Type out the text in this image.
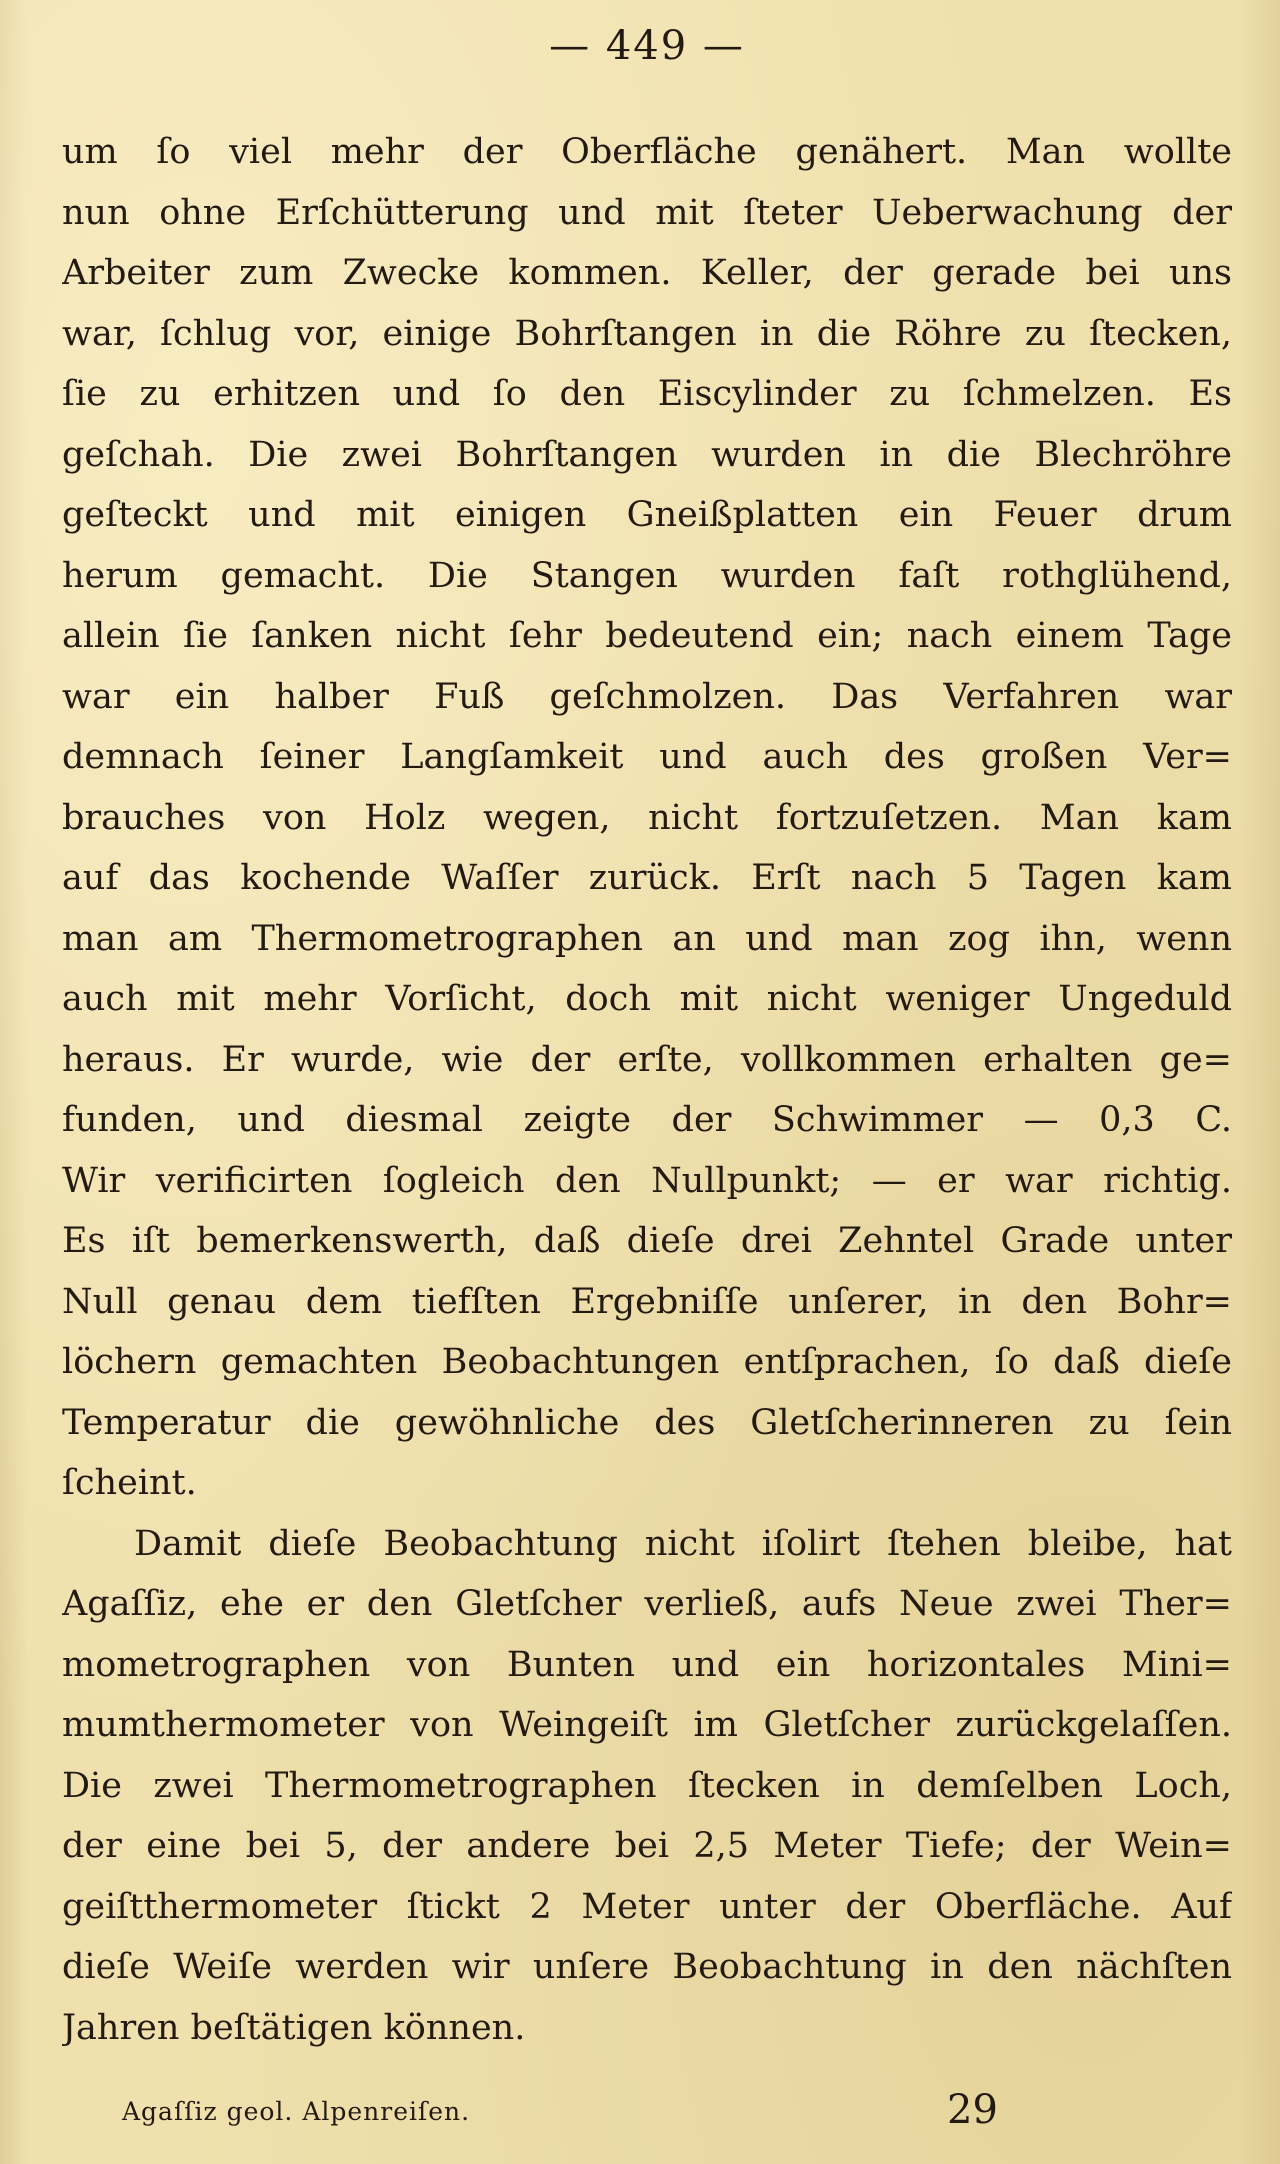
— 449 —
um ſo viel mehr der Oberfläche genähert. Man wollte
nun ohne Erſchütterung und mit ſteter Ueberwachung der
Arbeiter zum Zwecke kommen. Keller, der gerade bei uns
war, ſchlug vor, einige Bohrſtangen in die Röhre zu ſtecken,
ſie zu erhitzen und ſo den Eiscylinder zu ſchmelzen. Es
geſchah. Die zwei Bohrſtangen wurden in die Blechröhre
geſteckt und mit einigen Gneißplatten ein Feuer drum
herum gemacht. Die Stangen wurden faſt rothglühend,
allein ſie ſanken nicht ſehr bedeutend ein; nach einem Tage
war ein halber Fuß geſchmolzen. Das Verfahren war
demnach ſeiner Langſamkeit und auch des großen Ver=
brauches von Holz wegen, nicht fortzuſetzen. Man kam
auf das kochende Waſſer zurück. Erſt nach 5 Tagen kam
man am Thermometrographen an und man zog ihn, wenn
auch mit mehr Vorſicht, doch mit nicht weniger Ungeduld
heraus. Er wurde, wie der erſte, vollkommen erhalten ge=
funden, und diesmal zeigte der Schwimmer — 0,3 C.
Wir verificirten ſogleich den Nullpunkt; — er war richtig.
Es iſt bemerkenswerth, daß dieſe drei Zehntel Grade unter
Null genau dem tiefſten Ergebniſſe unſerer, in den Bohr=
löchern gemachten Beobachtungen entſprachen, ſo daß dieſe
Temperatur die gewöhnliche des Gletſcherinneren zu ſein
ſcheint.
Damit dieſe Beobachtung nicht iſolirt ſtehen bleibe, hat
Agaſſiz, ehe er den Gletſcher verließ, aufs Neue zwei Ther=
mometrographen von Bunten und ein horizontales Mini=
mumthermometer von Weingeiſt im Gletſcher zurückgelaſſen.
Die zwei Thermometrographen ſtecken in demſelben Loch,
der eine bei 5, der andere bei 2,5 Meter Tiefe; der Wein=
geiſtthermometer ſtickt 2 Meter unter der Oberfläche. Auf
dieſe Weiſe werden wir unſere Beobachtung in den nächſten
Jahren beſtätigen können.
Agaſſiz geol. Alpenreiſen.	29
